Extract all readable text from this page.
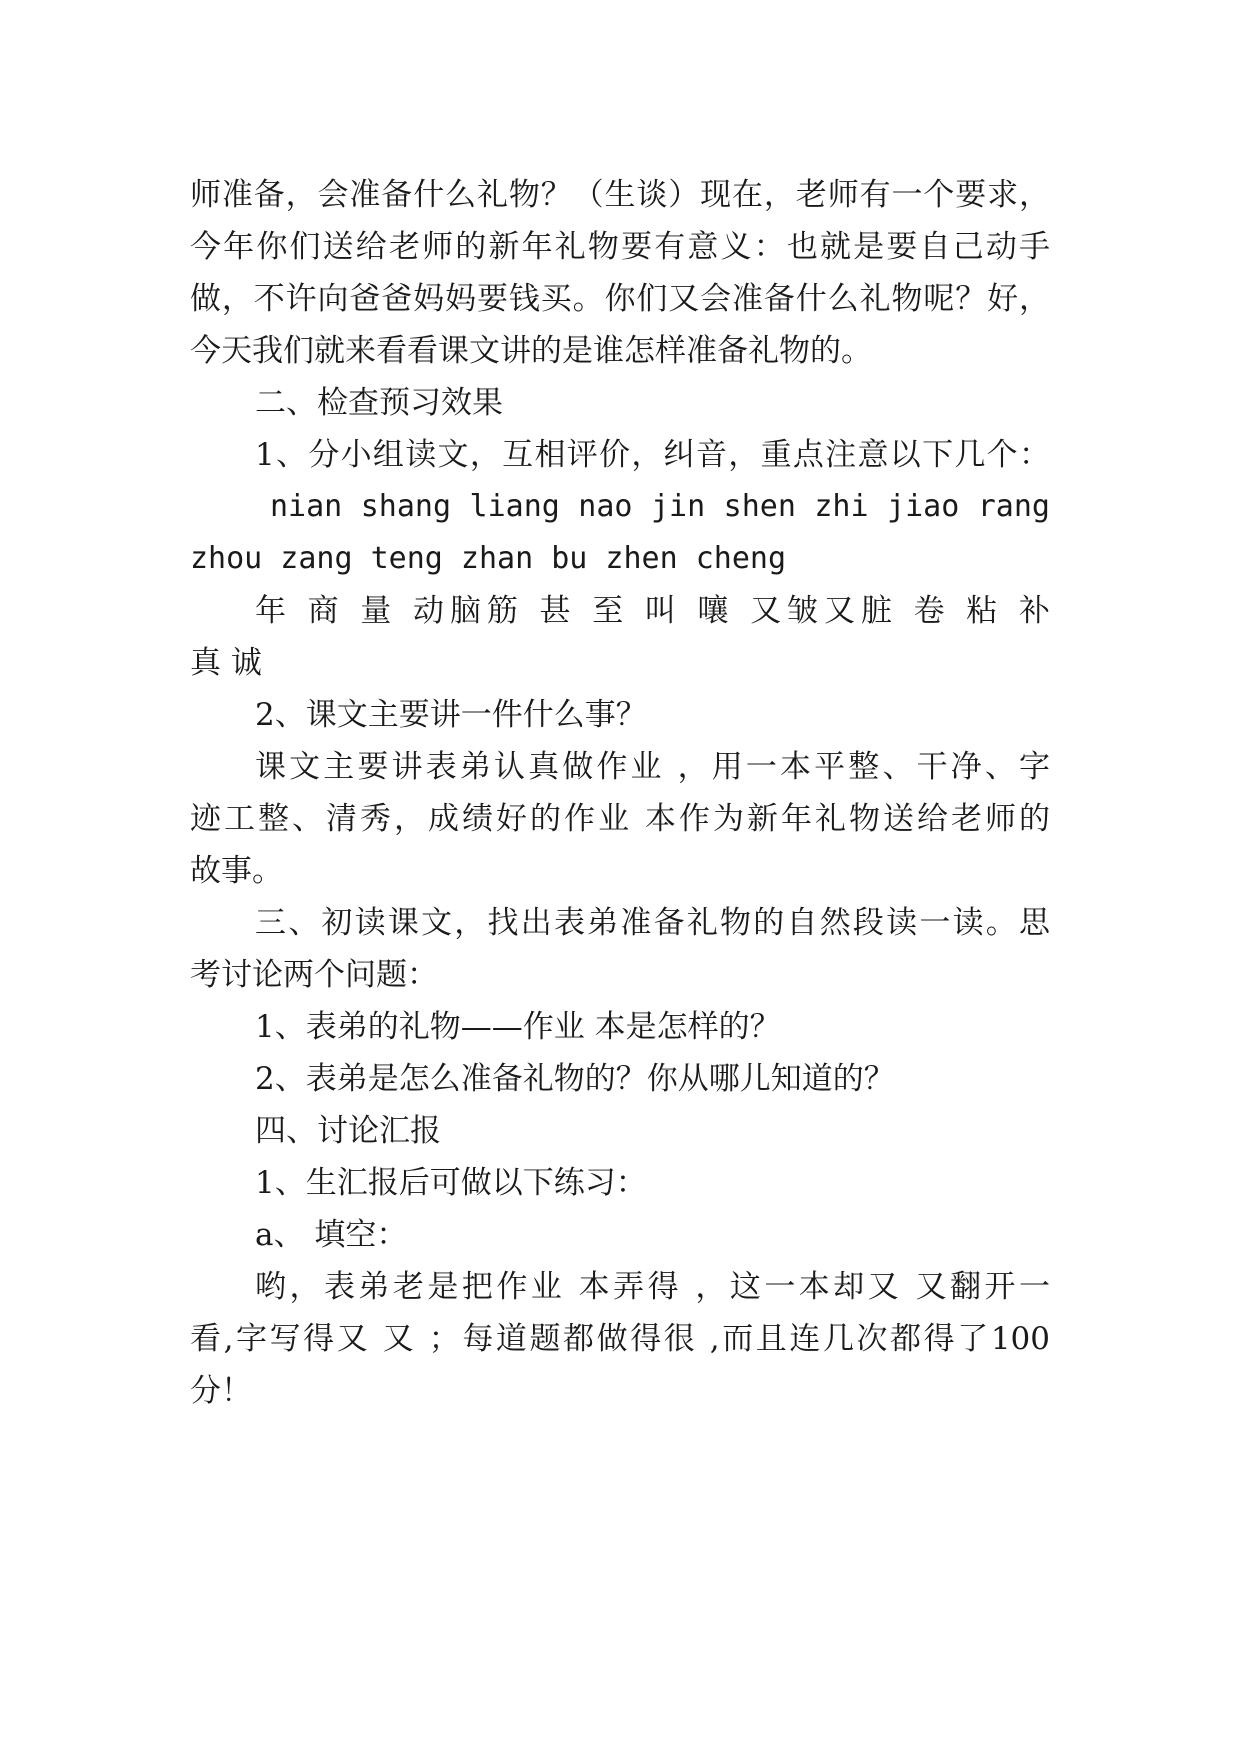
师准备，会准备什么礼物？（生谈）现在，老师有一个要求，
今年你们送给老师的新年礼物要有意义：也就是要自己动手
做，不许向爸爸妈妈要钱买。你们又会准备什么礼物呢？好，
今天我们就来看看课文讲的是谁怎样准备礼物的。
二、检查预习效果
1、分小组读文，互相评价，纠音，重点注意以下几个：
nian shang liang nao jin shen zhi jiao rang
zhou zang teng zhan bu zhen cheng
年 商 量 动脑筋 甚 至 叫 嚷 又皱又脏 卷 粘 补
真 诚
2、课文主要讲一件什么事？
课文主要讲表弟认真做作业 ，用一本平整、干净、字
迹工整、清秀，成绩好的作业 本作为新年礼物送给老师的
故事。
三、初读课文，找出表弟准备礼物的自然段读一读。思
考讨论两个问题：
1、表弟的礼物——作业 本是怎样的？
2、表弟是怎么准备礼物的？你从哪儿知道的？
四、讨论汇报
1、生汇报后可做以下练习：
a、 填空：
哟，表弟老是把作业 本弄得 ，这一本却又 又翻开一
看,字写得又 又 ；每道题都做得很 ,而且连几次都得了100
分！
